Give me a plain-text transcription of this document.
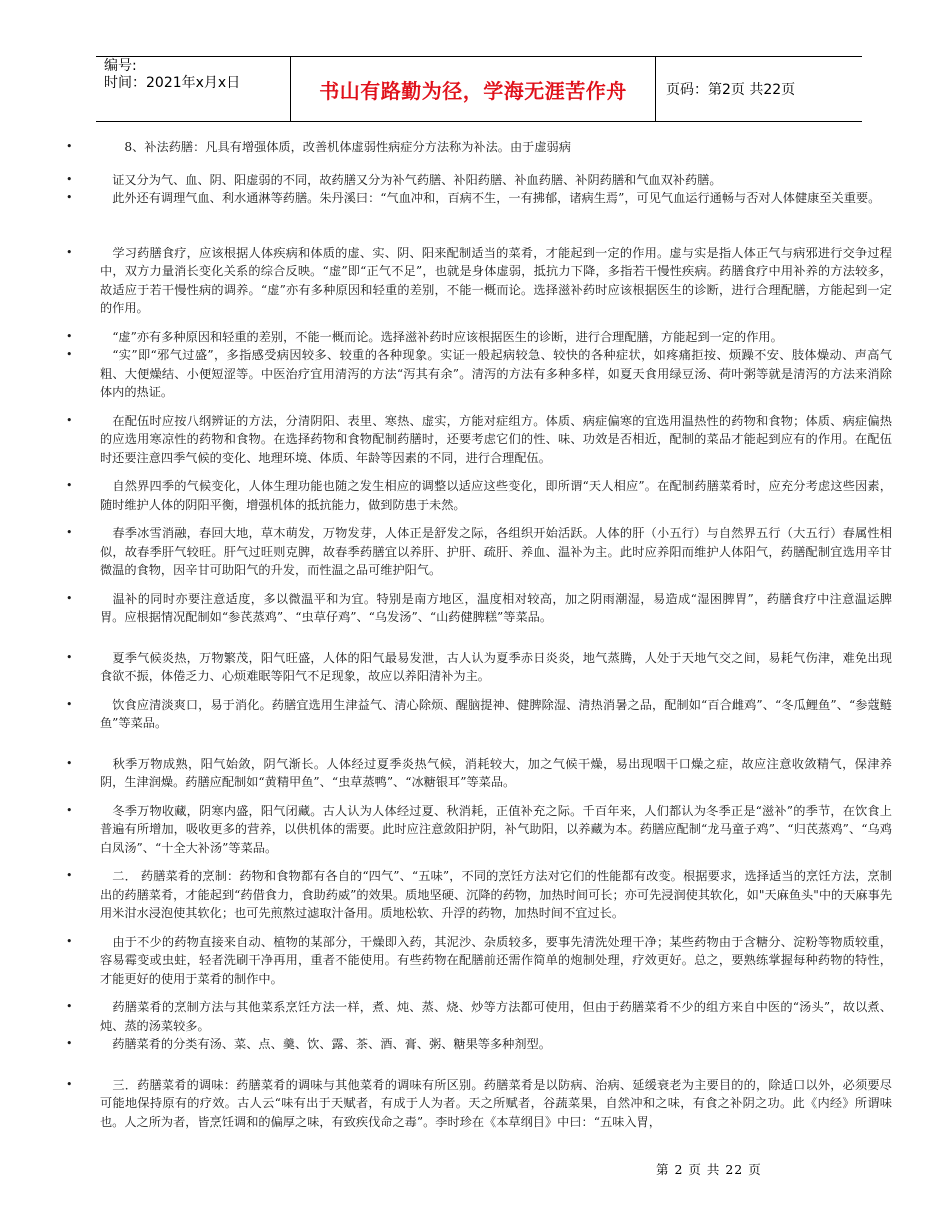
编号:
时间：2021年x月x日	书山有路勤为径，学海无涯苦作舟	页码：第2页 共22页

•
  	8、补法药膳：凡具有增强体质，改善机体虚弱性病症分方法称为补法。由于虚弱病

•
 	证又分为气、血、阴、阳虚弱的不同，故药膳又分为补气药膳、补阳药膳、补血药膳、补阴药膳和气血双补药膳。

•
 	此外还有调理气血、利水通淋等药膳。朱丹溪曰：“气血冲和，百病不生，一有拂郁，诸病生焉”，可见气血运行通畅与否对人体健康至关重要。

•
 	学习药膳食疗，应该根据人体疾病和体质的虚、实、阴、阳来配制适当的菜肴，才能起到一定的作用。虚与实是指人体正气与病邪进行交争过程中，双方力量消长变化关系的综合反映。“虚”即“正气不足”，也就是身体虚弱，抵抗力下降，多指若干慢性疾病。药膳食疗中用补养的方法较多，故适应于若干慢性病的调养。“虚”亦有多种原因和轻重的差别，不能一概而论。选择滋补药时应该根据医生的诊断，进行合理配膳，方能起到一定的作用。

•
 	“虚”亦有多种原因和轻重的差别，不能一概而论。选择滋补药时应该根据医生的诊断，进行合理配膳，方能起到一定的作用。

•
 	“实”即“邪气过盛”，多指感受病因较多、较重的各种现象。实证一般起病较急、较快的各种症状，如疼痛拒按、烦躁不安、肢体燥动、声高气粗、大便燥结、小便短涩等。中医治疗宜用清泻的方法“泻其有余”。清泻的方法有多种多样，如夏天食用绿豆汤、荷叶粥等就是清泻的方法来消除体内的热证。

•
 	在配伍时应按八纲辨证的方法，分清阴阳、表里、寒热、虚实，方能对症组方。体质、病症偏寒的宜选用温热性的药物和食物；体质、病症偏热的应选用寒凉性的药物和食物。在选择药物和食物配制药膳时，还要考虑它们的性、味、功效是否相近，配制的菜品才能起到应有的作用。在配伍时还要注意四季气候的变化、地理环境、体质、年龄等因素的不同，进行合理配伍。

•
 	自然界四季的气候变化，人体生理功能也随之发生相应的调整以适应这些变化，即所谓“天人相应”。在配制药膳菜肴时，应充分考虑这些因素，随时维护人体的阴阳平衡，增强机体的抵抗能力，做到防患于未然。

•
 	春季冰雪消融，春回大地，草木萌发，万物发芽，人体正是舒发之际，各组织开始活跃。人体的肝（小五行）与自然界五行（大五行）春属性相似，故春季肝气较旺。肝气过旺则克脾，故春季药膳宜以养肝、护肝、疏肝、养血、温补为主。此时应养阳而维护人体阳气，药膳配制宜选用辛甘微温的食物，因辛甘可助阳气的升发，而性温之品可维护阳气。

•
 	温补的同时亦要注意适度，多以微温平和为宜。特别是南方地区，温度相对较高，加之阴雨潮湿，易造成“湿困脾胃”，药膳食疗中注意温运脾胃。应根据情况配制如“参芪蒸鸡”、“虫草仔鸡”、“乌发汤”、“山药健脾糕”等菜品。

•
 	夏季气候炎热，万物繁茂，阳气旺盛，人体的阳气最易发泄，古人认为夏季赤日炎炎，地气蒸腾，人处于天地气交之间，易耗气伤津，难免出现食欲不振，体倦乏力、心烦难眠等阳气不足现象，故应以养阳清补为主。

•
 	饮食应清淡爽口，易于消化。药膳宜选用生津益气、清心除烦、醒脑提神、健脾除湿、清热消暑之品，配制如“百合雌鸡”、“冬瓜鲤鱼”、“参蔻鲢鱼”等菜品。

•
 	秋季万物成熟，阳气始敛，阴气渐长。人体经过夏季炎热气候，消耗较大，加之气候干燥，易出现咽干口燥之症，故应注意收敛精气，保津养阴，生津润燥。药膳应配制如“黄精甲鱼”、“虫草蒸鸭”、“冰糖银耳”等菜品。

•
 	冬季万物收藏，阴寒内盛，阳气闭藏。古人认为人体经过夏、秋消耗，正值补充之际。千百年来，人们都认为冬季正是“滋补”的季节，在饮食上普遍有所增加，吸收更多的营养，以供机体的需要。此时应注意敛阳护阴，补气助阳，以养藏为本。药膳应配制“龙马童子鸡”、“归芪蒸鸡”、“乌鸡白凤汤”、“十全大补汤”等菜品。

•
 	二． 药膳菜肴的烹制：药物和食物都有各自的“四气”、“五味”，不同的烹饪方法对它们的性能都有改变。根据要求，选择适当的烹饪方法，烹制出的药膳菜肴，才能起到“药借食力，食助药威”的效果。质地坚硬、沉降的药物，加热时间可长；亦可先浸润使其软化，如"天麻鱼头"中的天麻事先用米泔水浸泡使其软化；也可先煎熬过滤取汁备用。质地松软、升浮的药物，加热时间不宜过长。

•
 	由于不少的药物直接来自动、植物的某部分，干燥即入药，其泥沙、杂质较多，要事先清洗处理干净；某些药物由于含糖分、淀粉等物质较重，容易霉变或虫蛀，轻者洗刷干净再用，重者不能使用。有些药物在配膳前还需作简单的炮制处理，疗效更好。总之，要熟练掌握每种药物的特性，才能更好的使用于菜肴的制作中。

•
 	药膳菜肴的烹制方法与其他菜系烹饪方法一样，煮、炖、蒸、烧、炒等方法都可使用，但由于药膳菜肴不少的组方来自中医的“汤头”，故以煮、炖、蒸的汤菜较多。

•
 	药膳菜肴的分类有汤、菜、点、羹、饮、露、茶、酒、膏、粥、糖果等多种剂型。

•
 	三．药膳菜肴的调味：药膳菜肴的调味与其他菜肴的调味有所区别。药膳菜肴是以防病、治病、延缓衰老为主要目的的，除适口以外，必须要尽可能地保持原有的疗效。古人云“味有出于天赋者，有成于人为者。天之所赋者，谷蔬菜果，自然冲和之味，有食之补阴之功。此《内经》所谓味也。人之所为者，皆烹饪调和的偏厚之味，有致疾伐命之毒”。李时珍在《本草纲目》中曰：“五味入胃，

第 2 页 共 22 页
